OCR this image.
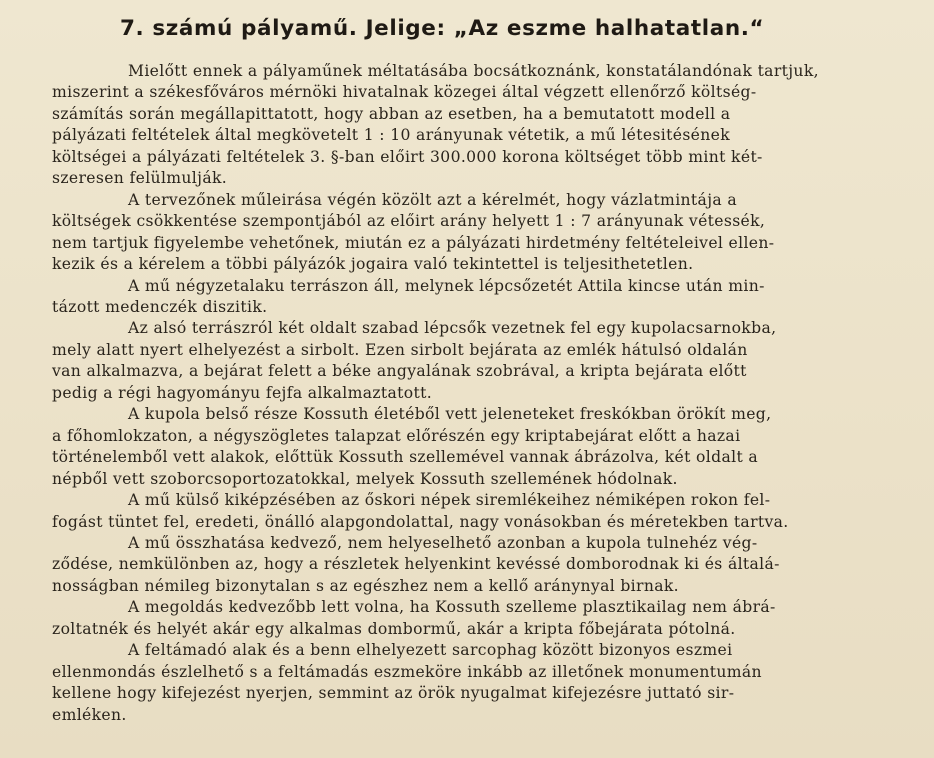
7. számú pályamű. Jelige: „Az eszme halhatatlan.“

Mielőtt ennek a pályaműnek méltatásába bocsátkoznánk, konstatálandónak tartjuk,
miszerint a székesfőváros mérnöki hivatalnak közegei által végzett ellenőrző költség-
számítás során megállapittatott, hogy abban az esetben, ha a bemutatott modell a
pályázati feltételek által megkövetelt 1 : 10 arányunak vétetik, a mű létesitésének
költségei a pályázati feltételek 3. §-ban előirt 300.000 korona költséget több mint két-
szeresen felülmulják.

A tervezőnek műleirása végén közölt azt a kérelmét, hogy vázlatmintája a
költségek csökkentése szempontjából az előirt arány helyett 1 : 7 arányunak vétessék,
nem tartjuk figyelembe vehetőnek, miután ez a pályázati hirdetmény feltételeivel ellen-
kezik és a kérelem a többi pályázók jogaira való tekintettel is teljesithetetlen.

A mű négyzetalaku terrászon áll, melynek lépcsőzetét Attila kincse után min-
tázott medenczék diszitik.

Az alsó terrászról két oldalt szabad lépcsők vezetnek fel egy kupolacsarnokba,
mely alatt nyert elhelyezést a sirbolt. Ezen sirbolt bejárata az emlék hátulsó oldalán
van alkalmazva, a bejárat felett a béke angyalának szobrával, a kripta bejárata előtt
pedig a régi hagyományu fejfa alkalmaztatott.

A kupola belső része Kossuth életéből vett jeleneteket freskókban örökít meg,
a főhomlokzaton, a négyszögletes talapzat előrészén egy kriptabejárat előtt a hazai
történelemből vett alakok, előttük Kossuth szellemével vannak ábrázolva, két oldalt a
népből vett szoborcsoportozatokkal, melyek Kossuth szellemének hódolnak.

A mű külső kiképzésében az őskori népek siremlékeihez némiképen rokon fel-
fogást tüntet fel, eredeti, önálló alapgondolattal, nagy vonásokban és méretekben tartva.

A mű összhatása kedvező, nem helyeselhető azonban a kupola tulnehéz vég-
ződése, nemkülönben az, hogy a részletek helyenkint kevéssé domborodnak ki és általá-
nosságban némileg bizonytalan s az egészhez nem a kellő aránynyal birnak.

A megoldás kedvezőbb lett volna, ha Kossuth szelleme plasztikailag nem ábrá-
zoltatnék és helyét akár egy alkalmas dombormű, akár a kripta főbejárata pótolná.

A feltámadó alak és a benn elhelyezett sarcophag között bizonyos eszmei
ellenmondás észlelhető s a feltámadás eszmeköre inkább az illetőnek monumentumán
kellene hogy kifejezést nyerjen, semmint az örök nyugalmat kifejezésre juttató sir-
emléken.
